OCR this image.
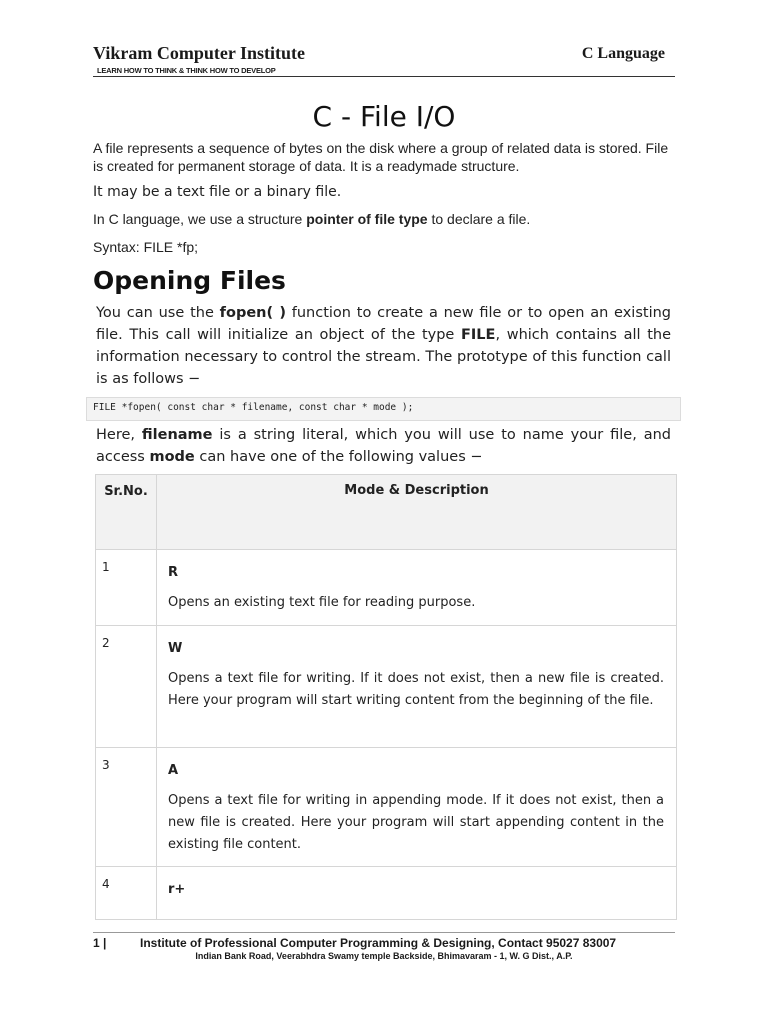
Vikram Computer Institute	C Language
LEARN HOW TO THINK & THINK HOW TO DEVELOP
C - File I/O
A file represents a sequence of bytes on the disk where a group of related data is stored. File is created for permanent storage of data. It is a readymade structure.
It may be a text file or a binary file.
In C language, we use a structure pointer of file type to declare a file.
Syntax: FILE *fp;
Opening Files
You can use the fopen( ) function to create a new file or to open an existing file. This call will initialize an object of the type FILE, which contains all the information necessary to control the stream. The prototype of this function call is as follows −
FILE *fopen( const char * filename, const char * mode );
Here, filename is a string literal, which you will use to name your file, and access mode can have one of the following values −
Sr.No.	Mode & Description
1	R
Opens an existing text file for reading purpose.
2	W
Opens a text file for writing. If it does not exist, then a new file is created. Here your program will start writing content from the beginning of the file.
3	A
Opens a text file for writing in appending mode. If it does not exist, then a new file is created. Here your program will start appending content in the existing file content.
4	r+
1 |	Institute of Professional Computer Programming & Designing, Contact 95027 83007
Indian Bank Road, Veerabhdra Swamy temple Backside, Bhimavaram - 1, W. G Dist., A.P.
